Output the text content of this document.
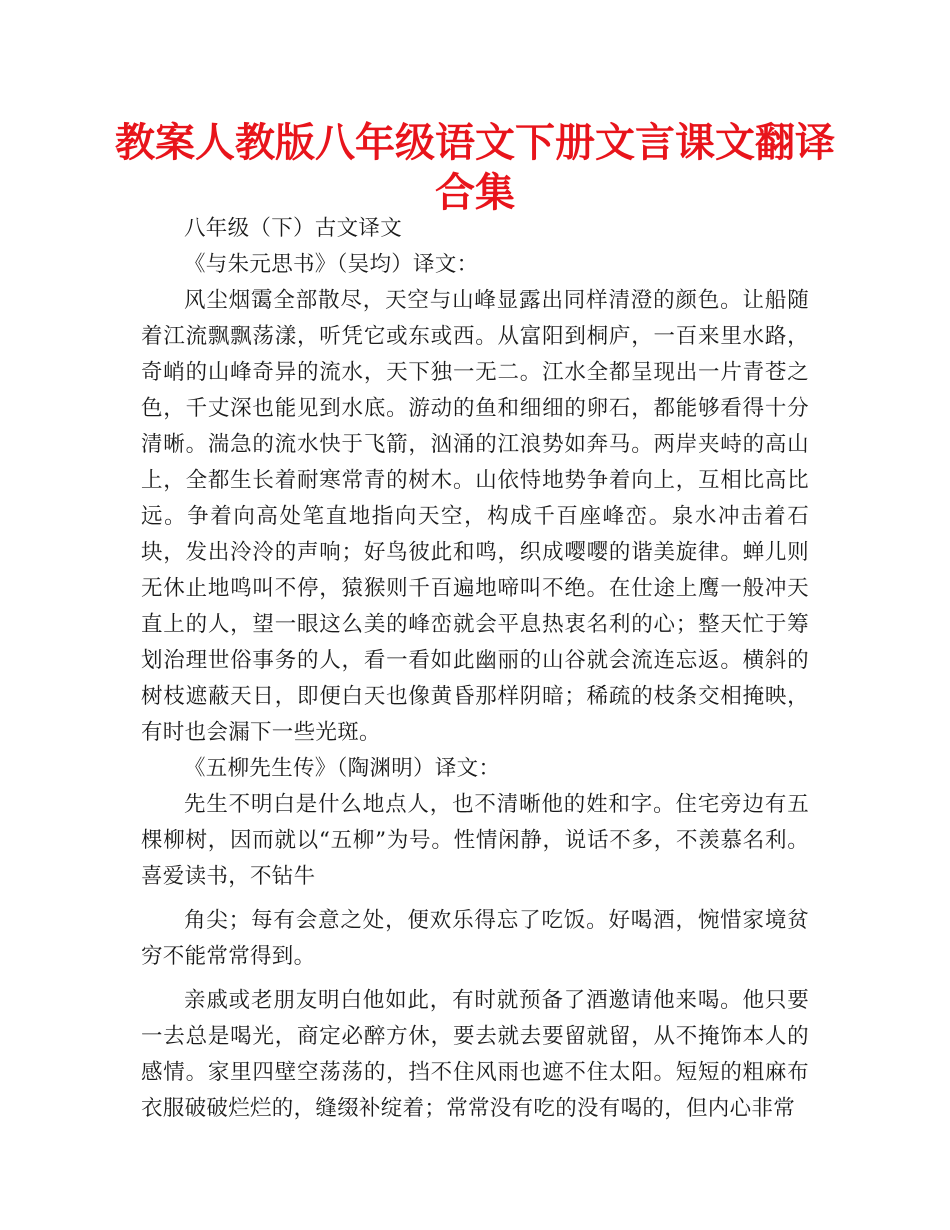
教案人教版八年级语文下册文言课文翻译合集

八年级（下）古文译文

《与朱元思书》（吴均）译文：

风尘烟霭全部散尽，天空与山峰显露出同样清澄的颜色。让船随着江流飘飘荡漾，听凭它或东或西。从富阳到桐庐，一百来里水路，奇峭的山峰奇异的流水，天下独一无二。江水全都呈现出一片青苍之色，千丈深也能见到水底。游动的鱼和细细的卵石，都能够看得十分清晰。湍急的流水快于飞箭，汹涌的江浪势如奔马。两岸夹峙的高山上，全都生长着耐寒常青的树木。山依恃地势争着向上，互相比高比远。争着向高处笔直地指向天空，构成千百座峰峦。泉水冲击着石块，发出泠泠的声响；好鸟彼此和鸣，织成嘤嘤的谐美旋律。蝉儿则无休止地鸣叫不停，猿猴则千百遍地啼叫不绝。在仕途上鹰一般冲天直上的人，望一眼这么美的峰峦就会平息热衷名利的心；整天忙于筹划治理世俗事务的人，看一看如此幽丽的山谷就会流连忘返。横斜的树枝遮蔽天日，即便白天也像黄昏那样阴暗；稀疏的枝条交相掩映，有时也会漏下一些光斑。

《五柳先生传》（陶渊明）译文：

先生不明白是什么地点人，也不清晰他的姓和字。住宅旁边有五棵柳树，因而就以“五柳”为号。性情闲静，说话不多，不羡慕名利。喜爱读书，不钻牛

角尖；每有会意之处，便欢乐得忘了吃饭。好喝酒，惋惜家境贫穷不能常常得到。

亲戚或老朋友明白他如此，有时就预备了酒邀请他来喝。他只要一去总是喝光，商定必醉方休，要去就去要留就留，从不掩饰本人的感情。家里四壁空荡荡的，挡不住风雨也遮不住太阳。短短的粗麻布衣服破破烂烂的，缝缀补绽着；常常没有吃的没有喝的，但内心非常
